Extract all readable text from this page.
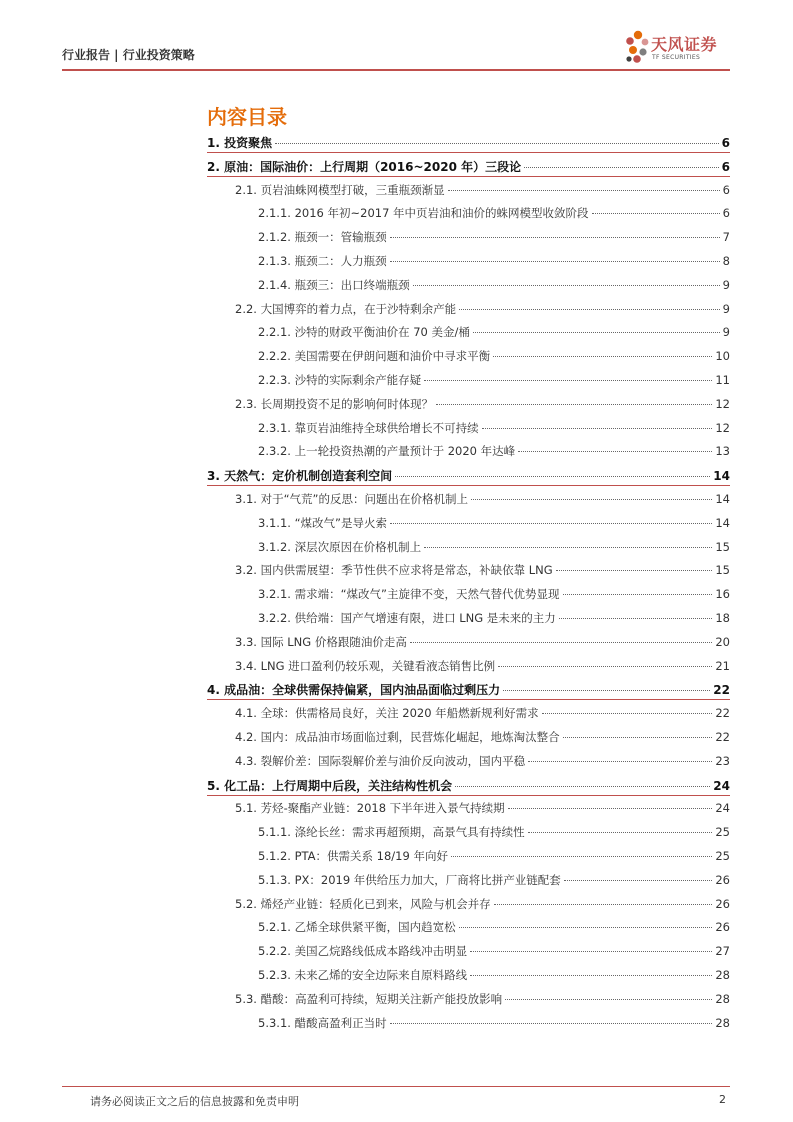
行业报告 | 行业投资策略
天风证券
TF SECURITIES
内容目录
1. 投资聚焦	6
2. 原油：国际油价：上行周期（2016~2020 年）三段论	6
2.1. 页岩油蛛网模型打破，三重瓶颈渐显	6
2.1.1. 2016 年初~2017 年中页岩油和油价的蛛网模型收敛阶段	6
2.1.2. 瓶颈一：管输瓶颈	7
2.1.3. 瓶颈二：人力瓶颈	8
2.1.4. 瓶颈三：出口终端瓶颈	9
2.2. 大国博弈的着力点，在于沙特剩余产能	9
2.2.1. 沙特的财政平衡油价在 70 美金/桶	9
2.2.2. 美国需要在伊朗问题和油价中寻求平衡	10
2.2.3. 沙特的实际剩余产能存疑	11
2.3. 长周期投资不足的影响何时体现？	12
2.3.1. 靠页岩油维持全球供给增长不可持续	12
2.3.2. 上一轮投资热潮的产量预计于 2020 年达峰	13
3. 天然气：定价机制创造套利空间	14
3.1. 对于“气荒”的反思：问题出在价格机制上	14
3.1.1. “煤改气”是导火索	14
3.1.2. 深层次原因在价格机制上	15
3.2. 国内供需展望：季节性供不应求将是常态，补缺依靠 LNG	15
3.2.1. 需求端：“煤改气”主旋律不变，天然气替代优势显现	16
3.2.2. 供给端：国产气增速有限，进口 LNG 是未来的主力	18
3.3. 国际 LNG 价格跟随油价走高	20
3.4. LNG 进口盈利仍较乐观，关键看液态销售比例	21
4. 成品油：全球供需保持偏紧，国内油品面临过剩压力	22
4.1. 全球：供需格局良好，关注 2020 年船燃新规利好需求	22
4.2. 国内：成品油市场面临过剩，民营炼化崛起，地炼淘汰整合	22
4.3. 裂解价差：国际裂解价差与油价反向波动，国内平稳	23
5. 化工品：上行周期中后段，关注结构性机会	24
5.1. 芳烃-聚酯产业链：2018 下半年进入景气持续期	24
5.1.1. 涤纶长丝：需求再超预期，高景气具有持续性	25
5.1.2. PTA：供需关系 18/19 年向好	25
5.1.3. PX：2019 年供给压力加大，厂商将比拼产业链配套	26
5.2. 烯烃产业链：轻质化已到来，风险与机会并存	26
5.2.1. 乙烯全球供紧平衡，国内趋宽松	26
5.2.2. 美国乙烷路线低成本路线冲击明显	27
5.2.3. 未来乙烯的安全边际来自原料路线	28
5.3. 醋酸：高盈利可持续，短期关注新产能投放影响	28
5.3.1. 醋酸高盈利正当时	28
请务必阅读正文之后的信息披露和免责申明	2
